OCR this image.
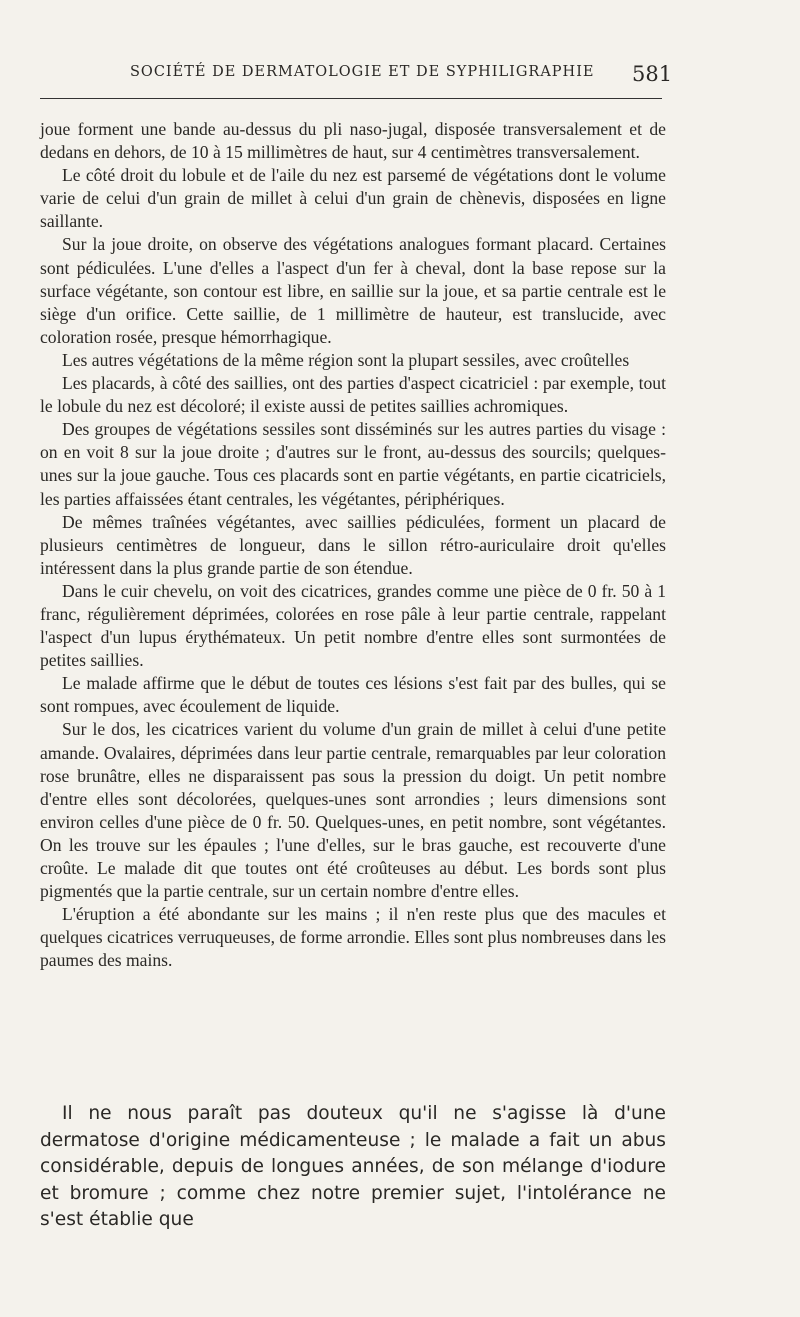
SOCIÉTÉ DE DERMATOLOGIE ET DE SYPHILIGRAPHIE 581

joue forment une bande au-dessus du pli naso-jugal, disposée transversalement et de dedans en dehors, de 10 à 15 millimètres de haut, sur 4 centimètres transversalement.

Le côté droit du lobule et de l'aile du nez est parsemé de végétations dont le volume varie de celui d'un grain de millet à celui d'un grain de chènevis, disposées en ligne saillante.

Sur la joue droite, on observe des végétations analogues formant placard. Certaines sont pédiculées. L'une d'elles a l'aspect d'un fer à cheval, dont la base repose sur la surface végétante, son contour est libre, en saillie sur la joue, et sa partie centrale est le siège d'un orifice. Cette saillie, de 1 millimètre de hauteur, est translucide, avec coloration rosée, presque hémorrhagique.

Les autres végétations de la même région sont la plupart sessiles, avec croûtelles

Les placards, à côté des saillies, ont des parties d'aspect cicatriciel : par exemple, tout le lobule du nez est décoloré; il existe aussi de petites saillies achromiques.

Des groupes de végétations sessiles sont disséminés sur les autres parties du visage : on en voit 8 sur la joue droite ; d'autres sur le front, au-dessus des sourcils; quelques-unes sur la joue gauche. Tous ces placards sont en partie végétants, en partie cicatriciels, les parties affaissées étant centrales, les végétantes, périphériques.

De mêmes traînées végétantes, avec saillies pédiculées, forment un placard de plusieurs centimètres de longueur, dans le sillon rétro-auriculaire droit qu'elles intéressent dans la plus grande partie de son étendue.

Dans le cuir chevelu, on voit des cicatrices, grandes comme une pièce de 0 fr. 50 à 1 franc, régulièrement déprimées, colorées en rose pâle à leur partie centrale, rappelant l'aspect d'un lupus érythémateux. Un petit nombre d'entre elles sont surmontées de petites saillies.

Le malade affirme que le début de toutes ces lésions s'est fait par des bulles, qui se sont rompues, avec écoulement de liquide.

Sur le dos, les cicatrices varient du volume d'un grain de millet à celui d'une petite amande. Ovalaires, déprimées dans leur partie centrale, remarquables par leur coloration rose brunâtre, elles ne disparaissent pas sous la pression du doigt. Un petit nombre d'entre elles sont décolorées, quelques-unes sont arrondies ; leurs dimensions sont environ celles d'une pièce de 0 fr. 50. Quelques-unes, en petit nombre, sont végétantes. On les trouve sur les épaules ; l'une d'elles, sur le bras gauche, est recouverte d'une croûte. Le malade dit que toutes ont été croûteuses au début. Les bords sont plus pigmentés que la partie centrale, sur un certain nombre d'entre elles.

L'éruption a été abondante sur les mains ; il n'en reste plus que des macules et quelques cicatrices verruqueuses, de forme arrondie. Elles sont plus nombreuses dans les paumes des mains.

Il ne nous paraît pas douteux qu'il ne s'agisse là d'une dermatose d'origine médicamenteuse ; le malade a fait un abus considérable, depuis de longues années, de son mélange d'iodure et bromure ; comme chez notre premier sujet, l'intolérance ne s'est établie que
